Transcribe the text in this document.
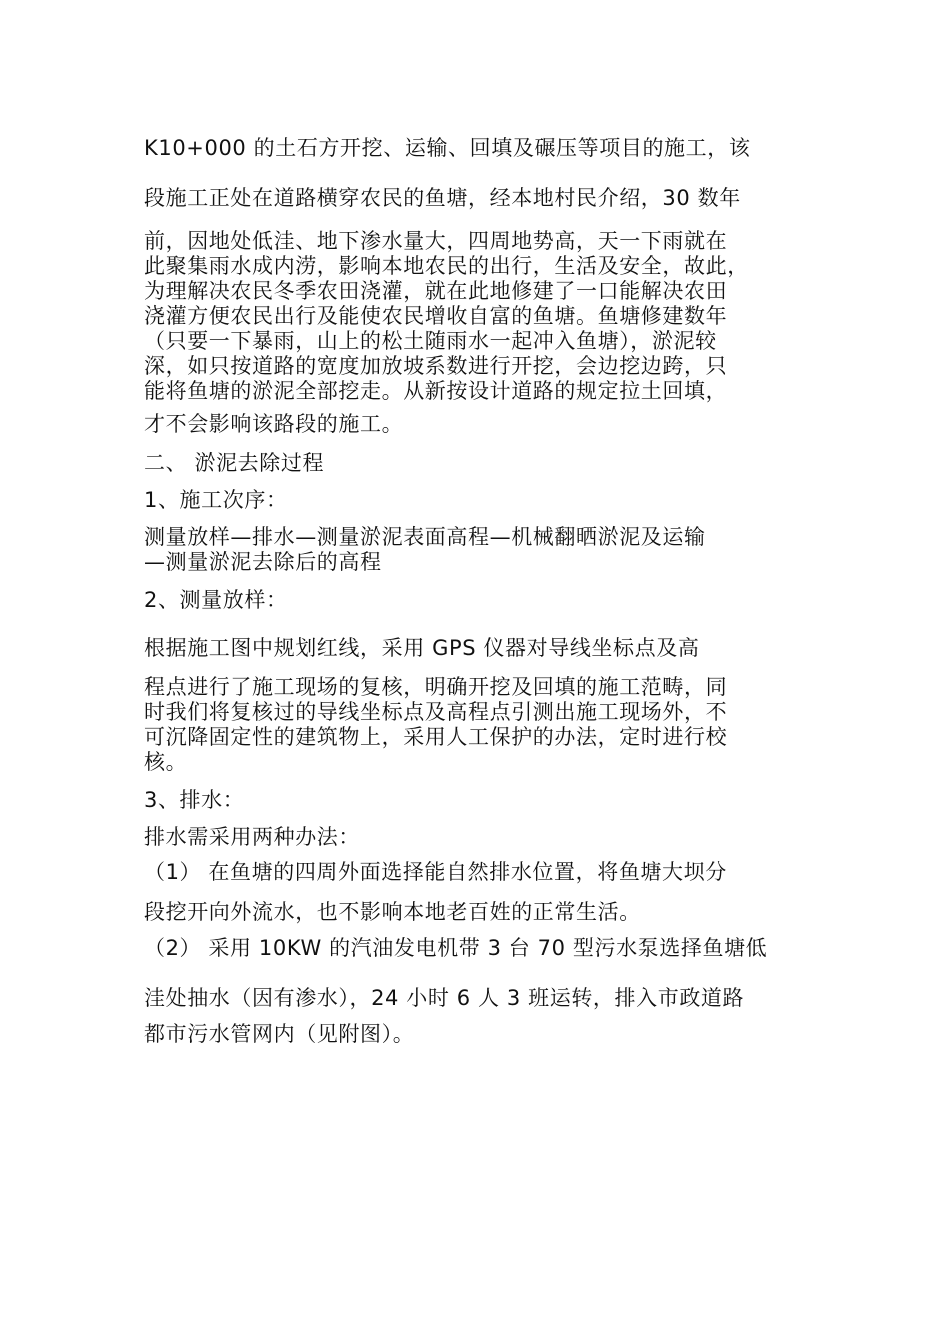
K10+000 的土石方开挖、运输、回填及碾压等项目的施工，该
段施工正处在道路横穿农民的鱼塘，经本地村民介绍，30 数年
前，因地处低洼、地下渗水量大，四周地势高，天一下雨就在
此聚集雨水成内涝，影响本地农民的出行，生活及安全，故此，
为理解决农民冬季农田浇灌，就在此地修建了一口能解决农田
浇灌方便农民出行及能使农民增收自富的鱼塘。鱼塘修建数年
（只要一下暴雨，山上的松土随雨水一起冲入鱼塘），淤泥较
深，如只按道路的宽度加放坡系数进行开挖，会边挖边跨，只
能将鱼塘的淤泥全部挖走。从新按设计道路的规定拉土回填，
才不会影响该路段的施工。
二、 淤泥去除过程
1、施工次序：
测量放样—排水—测量淤泥表面高程—机械翻晒淤泥及运输
—测量淤泥去除后的高程
2、测量放样：
根据施工图中规划红线，采用 GPS 仪器对导线坐标点及高
程点进行了施工现场的复核，明确开挖及回填的施工范畴，同
时我们将复核过的导线坐标点及高程点引测出施工现场外，不
可沉降固定性的建筑物上，采用人工保护的办法，定时进行校
核。
3、排水：
排水需采用两种办法：
（1） 在鱼塘的四周外面选择能自然排水位置，将鱼塘大坝分
段挖开向外流水，也不影响本地老百姓的正常生活。
（2） 采用 10KW 的汽油发电机带 3 台 70 型污水泵选择鱼塘低
洼处抽水（因有渗水），24 小时 6 人 3 班运转，排入市政道路
都市污水管网内（见附图）。
